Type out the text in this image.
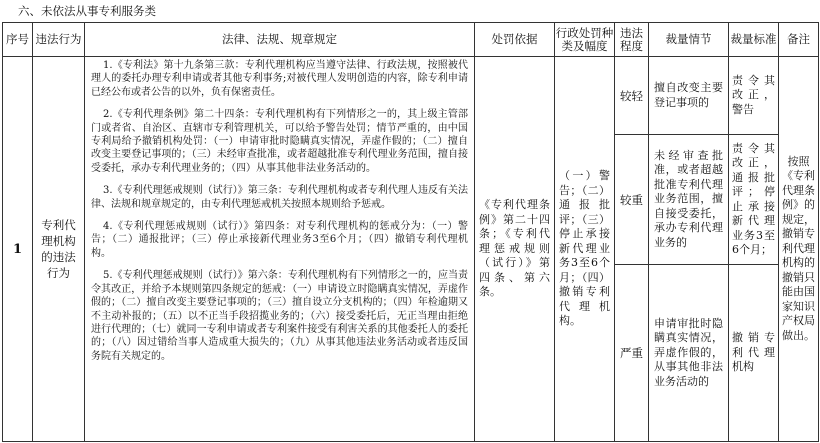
六、未依法从事专利服务类
序号	违法行为	法律、法规、规章规定	处罚依据	行政处罚种类及幅度	违法程度	裁量情节	裁量标准	备注
1	专利代理机构的违法行为	1.《专利法》第十九条第三款：专利代理机构应当遵守法律、行政法规，按照被代理人的委托办理专利申请或者其他专利事务;对被代理人发明创造的内容，除专利申请已经公布或者公告的以外，负有保密责任。

2.《专利代理条例》第二十四条：专利代理机构有下列情形之一的，其上级主管部门或者省、自治区、直辖市专利管理机关，可以给予警告处罚；情节严重的，由中国专利局给予撤销机构处罚：（一）申请审批时隐瞒真实情况，弄虚作假的；（二）擅自改变主要登记事项的；（三）未经审查批准，或者超越批准专利代理业务范围，擅自接受委托，承办专利代理业务的；（四）从事其他非法业务活动的。

3.《专利代理惩戒规则（试行）》第三条：专利代理机构或者专利代理人违反有关法律、法规和规章规定的，由专利代理惩戒机关按照本规则给予惩戒。

4.《专利代理惩戒规则（试行）》第四条：对专利代理机构的惩戒分为：（一）警告；（二）通报批评；（三）停止承接新代理业务3至6个月；（四）撤销专利代理机构。

5.《专利代理惩戒规则（试行）》第六条：专利代理机构有下列情形之一的，应当责令其改正，并给予本规则第四条规定的惩戒：（一）申请设立时隐瞒真实情况，弄虚作假的；（二）擅自改变主要登记事项的；（三）擅自设立分支机构的；（四）年检逾期又不主动补报的；（五）以不正当手段招揽业务的；（六）接受委托后，无正当理由拒绝进行代理的；（七）就同一专利申请或者专利案件接受有利害关系的其他委托人的委托的；（八）因过错给当事人造成重大损失的；（九）从事其他违法业务活动或者违反国务院有关规定的。	《专利代理条例》第二十四条；《专利代理惩戒规则（试行）》第四条、第六条。	（一）警告；（二）通报批评；（三）停止承接新代理业务3至6个月；（四）撤销专利代理机构。	较轻	擅自改变主要登记事项的	责令其改正，警告	按照《专利代理条例》的规定，撤销专利代理机构的撤销只能由国家知识产权局做出。
					较重	未经审查批准，或者超越批准专利代理业务范围，擅自接受委托，承办专利代理业务的	责令其改正，通报批评；停止承接新代理业务3至6个月；	
					严重	申请审批时隐瞒真实情况，弄虚作假的，从事其他非法业务活动的	撤销专利代理机构	
